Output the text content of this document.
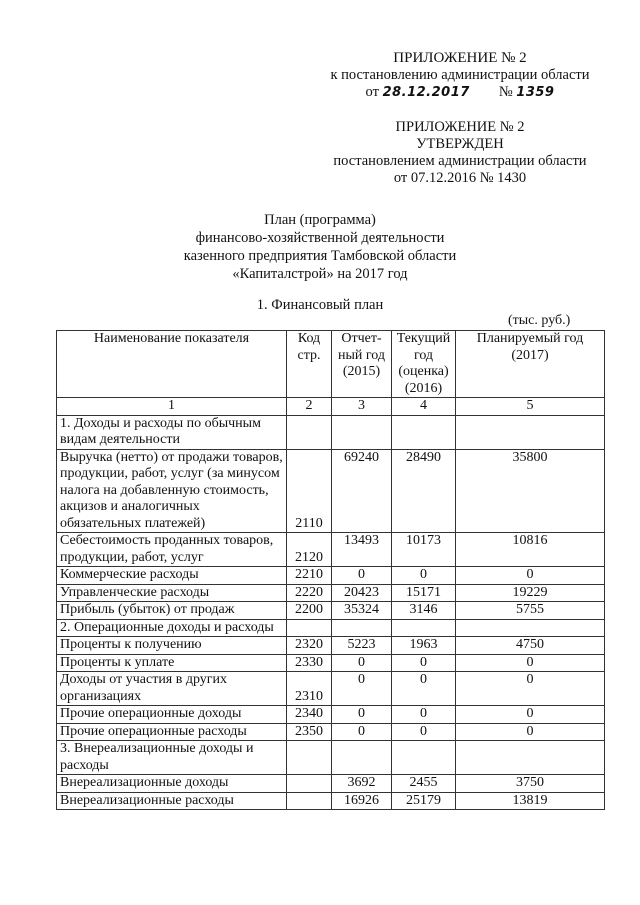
ПРИЛОЖЕНИЕ № 2
к постановлению администрации области
от 28.12.2017 № 1359
ПРИЛОЖЕНИЕ № 2
УТВЕРЖДЕН
постановлением администрации области
от 07.12.2016 № 1430
План (программа)
финансово-хозяйственной деятельности
казенного предприятия Тамбовской области
«Капиталстрой» на 2017 год
1. Финансовый план
(тыс. руб.)
Наименование показателя	Код стр.	Отчет-ный год (2015)	Текущий год (оценка) (2016)	Планируемый год (2017)
1	2	3	4	5
1. Доходы и расходы по обычным видам деятельности				
Выручка (нетто) от продажи товаров, продукции, работ, услуг (за минусом налога на добавленную стоимость, акцизов и аналогичных обязательных платежей)	2110	69240	28490	35800
Себестоимость проданных товаров, продукции, работ, услуг	2120	13493	10173	10816
Коммерческие расходы	2210	0	0	0
Управленческие расходы	2220	20423	15171	19229
Прибыль (убыток) от продаж	2200	35324	3146	5755
2. Операционные доходы и расходы				
Проценты к получению	2320	5223	1963	4750
Проценты к уплате	2330	0	0	0
Доходы от участия в других организациях	2310	0	0	0
Прочие операционные доходы	2340	0	0	0
Прочие операционные расходы	2350	0	0	0
3. Внереализационные доходы и расходы				
Внереализационные доходы		3692	2455	3750
Внереализационные расходы		16926	25179	13819
